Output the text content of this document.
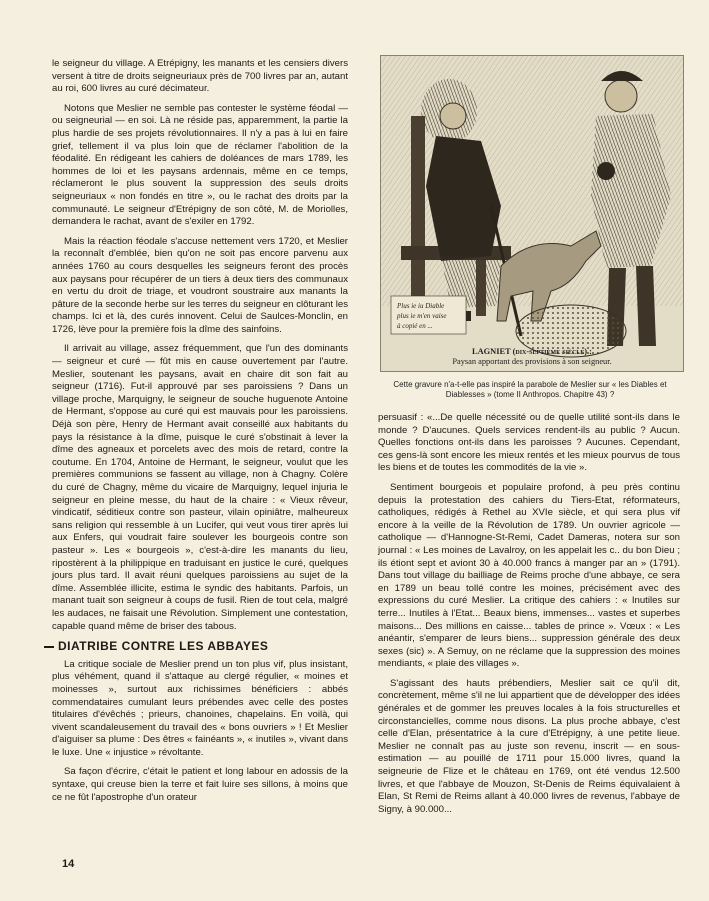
le seigneur du village. A Etrépigny, les manants et les censiers divers versent à titre de droits seigneuriaux près de 700 livres par an, autant au roi, 600 livres au curé décimateur.

Notons que Meslier ne semble pas contester le système féodal — ou seigneurial — en soi. Là ne réside pas, apparemment, la partie la plus hardie de ses projets révolutionnaires. Il n'y a pas à lui en faire grief, tellement il va plus loin que de réclamer l'abolition de la féodalité. En rédigeant les cahiers de doléances de mars 1789, les hommes de loi et les paysans ardennais, même en ce temps, réclameront le plus souvent la suppression des seuls droits seigneuriaux « non fondés en titre », ou le rachat des droits par la communauté. Le seigneur d'Etrépigny de son côté, M. de Moriolles, demandera le rachat, avant de s'exiler en 1792.

Mais la réaction féodale s'accuse nettement vers 1720, et Meslier la reconnaît d'emblée, bien qu'on ne soit pas encore parvenu aux années 1760 au cours desquelles les seigneurs feront des procès aux paysans pour récupérer de un tiers à deux tiers des communaux en vertu du droit de triage, et voudront soustraire aux manants la pâture de la seconde herbe sur les terres du seigneur en clôturant les champs. Ici et là, des curés innovent. Celui de Saulces-Monclin, en 1726, lève pour la première fois la dîme des sainfoins.

Il arrivait au village, assez fréquemment, que l'un des dominants — seigneur et curé — fût mis en cause ouvertement par l'autre. Meslier, soutenant les paysans, avait en chaire dit son fait au seigneur (1716). Fut-il approuvé par ses paroissiens ? Dans un village proche, Marquigny, le seigneur de souche huguenote Antoine de Hermant, s'oppose au curé qui est mauvais pour les paroissiens. Déjà son père, Henry de Hermant avait conseillé aux habitants du pays la résistance à la dîme, puisque le curé s'obstinait à lever la dîme des agneaux et porcelets avec des mois de retard, contre la coutume. En 1704, Antoine de Hermant, le seigneur, voulut que les premières communions se fassent au village, non à Chagny. Colère du curé de Chagny, même du vicaire de Marquigny, lequel injuria le seigneur en pleine messe, du haut de la chaire : « Vieux rêveur, vindicatif, séditieux contre son pasteur, vilain opiniâtre, malheureux sans religion qui ressemble à un Lucifer, qui veut vous tirer après lui aux Enfers, qui voudrait faire soulever les bourgeois contre son pasteur ». Les « bourgeois », c'est-à-dire les manants du lieu, ripostèrent à la philippique en traduisant en justice le curé, quelques jours plus tard. Il avait réuni quelques paroissiens au sujet de la dîme. Assemblée illicite, estima le syndic des habitants. Parfois, un manant tuait son seigneur à coups de fusil. Rien de tout cela, malgré les audaces, ne faisait une Révolution. Simplement une contestation, capable quand même de briser des tabous.

DIATRIBE CONTRE LES ABBAYES

La critique sociale de Meslier prend un ton plus vif, plus insistant, plus véhément, quand il s'attaque au clergé régulier, « moines et moinesses », surtout aux richissimes bénéficiers : abbés commendataires cumulant leurs prébendes avec celle des postes titulaires d'évêchés ; prieurs, chanoines, chapelains. En voilà, qui vivent scandaleusement du travail des « bons ouvriers » ! Et Meslier d'aiguiser sa plume : Des êtres « fainéants », « inutiles », vivant dans le luxe. Une « injustice » révoltante.

Sa façon d'écrire, c'était le patient et long labour en adossis de la syntaxe, qui creuse bien la terre et fait luire ses sillons, à moins que ce ne fût l'apostrophe d'un orateur

Plus ie iu Diable
plus ie m'en vaise
à copié en ...
LAGNIET (dix-septième siècle) :
Paysan apportant des provisions à son seigneur.
Cette gravure n'a-t-elle pas inspiré la parabole de Meslier sur « les Diables et Diablesses » (tome II Anthropos. Chapitre 43) ?

persuasif : «...De quelle nécessité ou de quelle utilité sont-ils dans le monde ? D'aucunes. Quels services rendent-ils au public ? Aucun. Quelles fonctions ont-ils dans les paroisses ? Aucunes. Cependant, ces gens-là sont encore les mieux rentés et les mieux pourvus de tous les biens et de toutes les commodités de la vie ».

Sentiment bourgeois et populaire profond, à peu près continu depuis la protestation des cahiers du Tiers-Etat, réformateurs, catholiques, rédigés à Rethel au XVIe siècle, et qui sera plus vif encore à la veille de la Révolution de 1789. Un ouvrier agricole — catholique — d'Hannogne-St-Remi, Cadet Dameras, notera sur son journal : « Les moines de Lavalroy, on les appelait les c.. du bon Dieu ; ils étiont sept et aviont 30 à 40.000 francs à manger par an » (1791). Dans tout village du bailliage de Reims proche d'une abbaye, ce sera en 1789 un beau tollé contre les moines, précisément avec des expressions du curé Meslier. La critique des cahiers : « Inutiles sur terre... Inutiles à l'Etat... Beaux biens, immenses... vastes et superbes maisons... Des millions en caisse... tables de prince ». Vœux : « Les anéantir, s'emparer de leurs biens... suppression générale des deux sexes (sic) ». A Semuy, on ne réclame que la suppression des moines mendiants, « plaie des villages ».

S'agissant des hauts prébendiers, Meslier sait ce qu'il dit, concrètement, même s'il ne lui appartient que de développer des idées générales et de gommer les preuves locales à la fois structurelles et circonstancielles, comme nous disons. La plus proche abbaye, c'est celle d'Elan, présentatrice à la cure d'Etrépigny, à une petite lieue. Meslier ne connaît pas au juste son revenu, inscrit — en sous-estimation — au pouillé de 1711 pour 15.000 livres, quand la seigneurie de Flize et le château en 1769, ont été vendus 12.500 livres, et que l'abbaye de Mouzon, St-Denis de Reims équivalaient à Elan, St Remi de Reims allant à 40.000 livres de revenus, l'abbaye de Signy, à 90.000...

14
